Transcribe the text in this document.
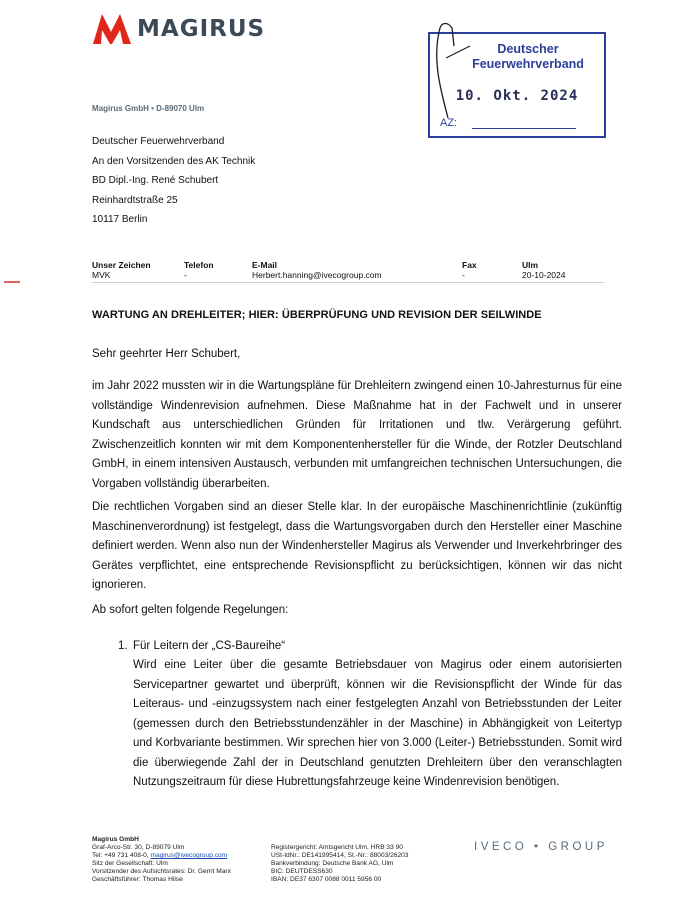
MAGIRUS
Magirus GmbH • D-89070 Ulm
Deutscher Feuerwehrverband
An den Vorsitzenden des AK Technik
BD Dipl.-Ing. René Schubert
Reinhardtstraße 25
10117 Berlin
Deutscher
Feuerwehrverband
10. Okt. 2024
AZ:
Unser Zeichen
MVK
Telefon
-
E-Mail
Herbert.hanning@ivecogroup.com
Fax
-
Ulm
20-10-2024
WARTUNG AN DREHLEITER; HIER: ÜBERPRÜFUNG UND REVISION DER SEILWINDE
Sehr geehrter Herr Schubert,
im Jahr 2022 mussten wir in die Wartungspläne für Drehleitern zwingend einen 10-Jahresturnus für eine vollständige Windenrevision aufnehmen. Diese Maßnahme hat in der Fachwelt und in unserer Kundschaft aus unterschiedlichen Gründen für Irritationen und tlw. Verärgerung geführt. Zwischenzeitlich konnten wir mit dem Komponentenhersteller für die Winde, der Rotzler Deutschland GmbH, in einem intensiven Austausch, verbunden mit umfangreichen technischen Untersuchungen, die Vorgaben vollständig überarbeiten.
Die rechtlichen Vorgaben sind an dieser Stelle klar. In der europäische Maschinenrichtlinie (zukünftig Maschinenverordnung) ist festgelegt, dass die Wartungsvorgaben durch den Hersteller einer Maschine definiert werden. Wenn also nun der Windenhersteller Magirus als Verwender und Inverkehrbringer des Gerätes verpflichtet, eine entsprechende Revisionspflicht zu berücksichtigen, können wir das nicht ignorieren.
Ab sofort gelten folgende Regelungen:
1. Für Leitern der „CS-Baureihe“
Wird eine Leiter über die gesamte Betriebsdauer von Magirus oder einem autorisierten Servicepartner gewartet und überprüft, können wir die Revisionspflicht der Winde für das Leiteraus- und -einzugssystem nach einer festgelegten Anzahl von Betriebsstunden der Leiter (gemessen durch den Betriebsstundenzähler in der Maschine) in Abhängigkeit von Leitertyp und Korbvariante bestimmen. Wir sprechen hier von 3.000 (Leiter-) Betriebsstunden. Somit wird die überwiegende Zahl der in Deutschland genutzten Drehleitern über den veranschlagten Nutzungszeitraum für diese Hubrettungsfahrzeuge keine Windenrevision benötigen.
Magirus GmbH
Graf-Arco-Str. 30, D-89079 Ulm
Tel: +49 731 408-0, magirus@ivecogroup.com
Sitz der Gesellschaft: Ulm
Vorsitzender des Aufsichtsrates: Dr. Gerrit Marx
Geschäftsführer: Thomas Hilse
Registergericht: Amtsgericht Ulm, HRB 33 90
USt-IdNr.: DE141995414, St.-Nr.: 88003/26203
Bankverbindung: Deutsche Bank AG, Ulm
BIC: DEUTDESS630
IBAN: DE37 6307 0088 0011 5956 00
IVECO • GROUP
